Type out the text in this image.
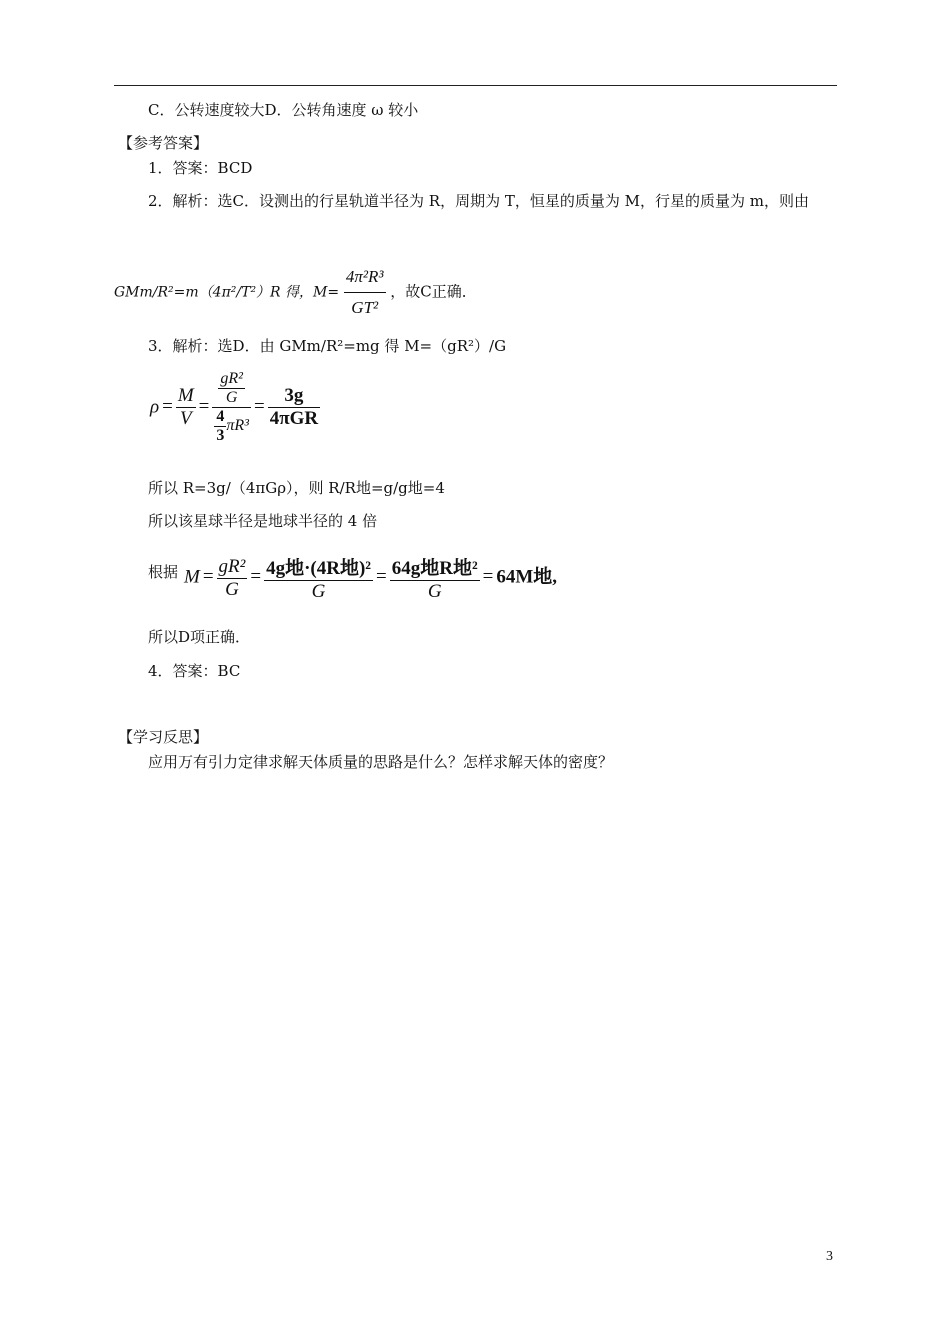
C．公转速度较大D．公转角速度 ω 较小
【参考答案】
1．答案：BCD
2．解析：选C．设测出的行星轨道半径为 R，周期为 T，恒星的质量为 M，行星的质量为 m，则由
GMm/R²=m（4π²/T²）R 得，$M= \frac{\text{4π²R³}}{\text{GT²}}$ ，故C正确．
3．解析：选D．由 GMm/R²=mg 得 M=（gR²）/G
$\rho = \frac{M}{V} = \frac{\frac{\text{gR²}}{G}}{\frac{4}{3} \pi R^3} = \frac{3g}{\text{4πGR}}$
所以 R=3g/（4πGρ），则 R/R地=g/g地=4
所以该星球半径是地球半径的 4 倍
根据 $M = \frac{\text{gR²}}{G} = \frac{\text{4g地·(4R地)²}}{G} = \frac{\text{64g地R地²}}{G} = 64M$地,
所以D项正确．
4．答案：BC
【学习反思】
应用万有引力定律求解天体质量的思路是什么？怎样求解天体的密度？
3
